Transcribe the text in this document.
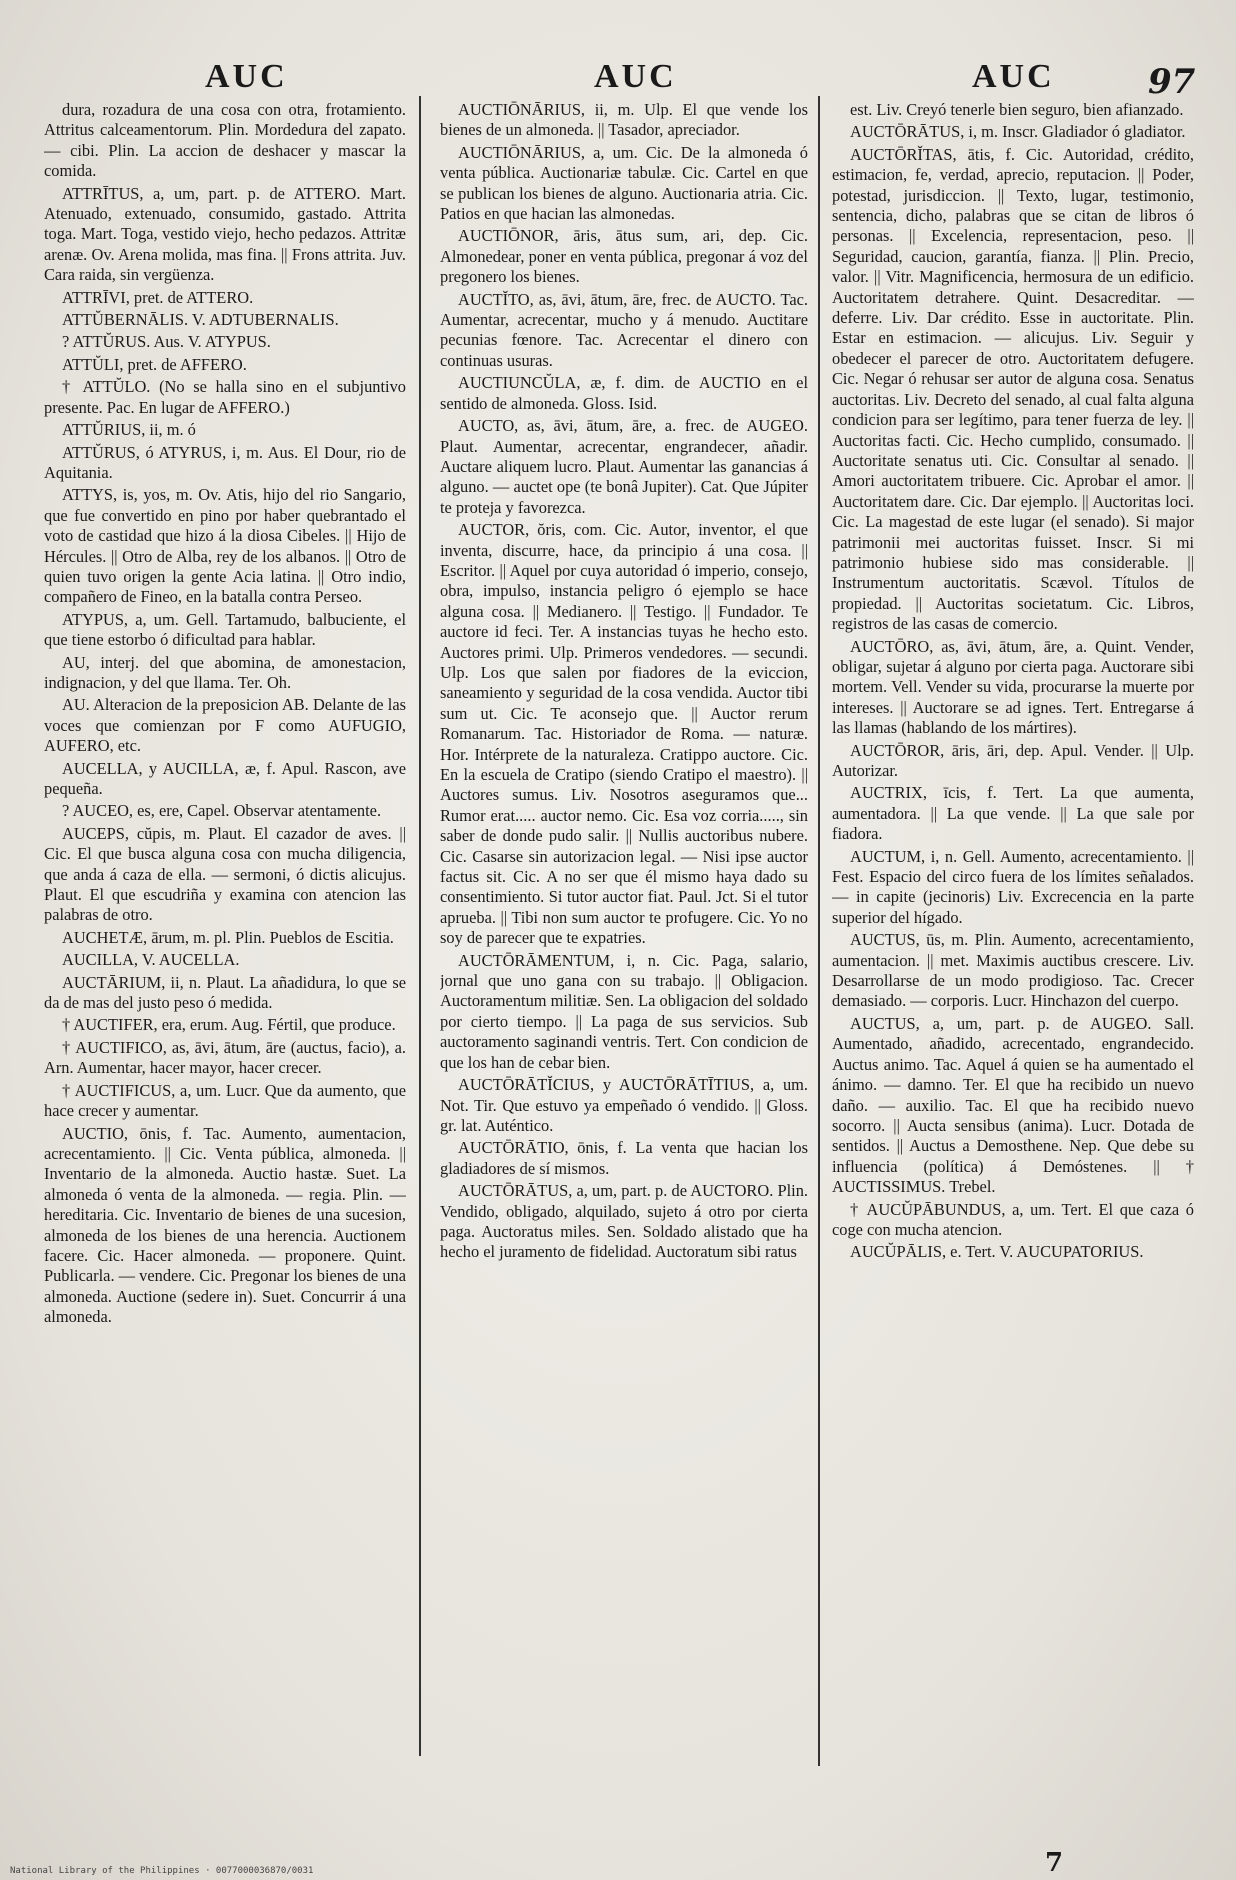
AUC	AUC	AUC	97

dura, rozadura de una cosa con otra, frotamiento. Attritus calceamentorum. Plin. Mordedura del zapato. — cibi. Plin. La accion de deshacer y mascar la comida.

ATTRĪTUS, a, um, part. p. de ATTERO. Mart. Atenuado, extenuado, consumido, gastado. Attrita toga. Mart. Toga, vestido viejo, hecho pedazos. Attritæ arenæ. Ov. Arena molida, mas fina. || Frons attrita. Juv. Cara raida, sin vergüenza.

ATTRĪVI, pret. de ATTERO.

ATTŬBERNĀLIS. V. ADTUBERNALIS.

? ATTŬRUS. Aus. V. ATYPUS.

ATTŬLI, pret. de AFFERO.

† ATTŬLO. (No se halla sino en el subjuntivo presente. Pac. En lugar de AFFERO.)

ATTŬRIUS, ii, m. ó

ATTŬRUS, ó ATYRUS, i, m. Aus. El Dour, rio de Aquitania.

ATTYS, is, yos, m. Ov. Atis, hijo del rio Sangario, que fue convertido en pino por haber quebrantado el voto de castidad que hizo á la diosa Cibeles. || Hijo de Hércules. || Otro de Alba, rey de los albanos. || Otro de quien tuvo origen la gente Acia latina. || Otro indio, compañero de Fineo, en la batalla contra Perseo.

ATYPUS, a, um. Gell. Tartamudo, balbuciente, el que tiene estorbo ó dificultad para hablar.

AU, interj. del que abomina, de amonestacion, indignacion, y del que llama. Ter. Oh.

AU. Alteracion de la preposicion AB. Delante de las voces que comienzan por F como AUFUGIO, AUFERO, etc.

AUCELLA, y AUCILLA, æ, f. Apul. Rascon, ave pequeña.

? AUCEO, es, ere, Capel. Observar atentamente.

AUCEPS, cŭpis, m. Plaut. El cazador de aves. || Cic. El que busca alguna cosa con mucha diligencia, que anda á caza de ella. — sermoni, ó dictis alicujus. Plaut. El que escudriña y examina con atencion las palabras de otro.

AUCHETÆ, ārum, m. pl. Plin. Pueblos de Escitia.

AUCILLA, V. AUCELLA.

AUCTĀRIUM, ii, n. Plaut. La añadidura, lo que se da de mas del justo peso ó medida.

† AUCTIFER, era, erum. Aug. Fértil, que produce.

† AUCTIFICO, as, āvi, ātum, āre (auctus, facio), a. Arn. Aumentar, hacer mayor, hacer crecer.

† AUCTIFICUS, a, um. Lucr. Que da aumento, que hace crecer y aumentar.

AUCTIO, ōnis, f. Tac. Aumento, aumentacion, acrecentamiento. || Cic. Venta pública, almoneda. || Inventario de la almoneda. Auctio hastæ. Suet. La almoneda ó venta de la almoneda. — regia. Plin. — hereditaria. Cic. Inventario de bienes de una sucesion, almoneda de los bienes de una herencia. Auctionem facere. Cic. Hacer almoneda. — proponere. Quint. Publicarla. — vendere. Cic. Pregonar los bienes de una almoneda. Auctione (sedere in). Suet. Concurrir á una almoneda.

AUCTIŌNĀRIUS, ii, m. Ulp. El que vende los bienes de un almoneda. || Tasador, apreciador.

AUCTIŌNĀRIUS, a, um. Cic. De la almoneda ó venta pública. Auctionariæ tabulæ. Cic. Cartel en que se publican los bienes de alguno. Auctionaria atria. Cic. Patios en que hacian las almonedas.

AUCTIŌNOR, āris, ātus sum, ari, dep. Cic. Almonedear, poner en venta pública, pregonar á voz del pregonero los bienes.

AUCTĬTO, as, āvi, ātum, āre, frec. de AUCTO. Tac. Aumentar, acrecentar, mucho y á menudo. Auctitare pecunias fœnore. Tac. Acrecentar el dinero con continuas usuras.

AUCTIUNCŬLA, æ, f. dim. de AUCTIO en el sentido de almoneda. Gloss. Isid.

AUCTO, as, āvi, ātum, āre, a. frec. de AUGEO. Plaut. Aumentar, acrecentar, engrandecer, añadir. Auctare aliquem lucro. Plaut. Aumentar las ganancias á alguno. — auctet ope (te bonâ Jupiter). Cat. Que Júpiter te proteja y favorezca.

AUCTOR, ŏris, com. Cic. Autor, inventor, el que inventa, discurre, hace, da principio á una cosa. || Escritor. || Aquel por cuya autoridad ó imperio, consejo, obra, impulso, instancia peligro ó ejemplo se hace alguna cosa. || Medianero. || Testigo. || Fundador. Te auctore id feci. Ter. A instancias tuyas he hecho esto. Auctores primi. Ulp. Primeros vendedores. — secundi. Ulp. Los que salen por fiadores de la eviccion, saneamiento y seguridad de la cosa vendida. Auctor tibi sum ut. Cic. Te aconsejo que. || Auctor rerum Romanarum. Tac. Historiador de Roma. — naturæ. Hor. Intérprete de la naturaleza. Cratippo auctore. Cic. En la escuela de Cratipo (siendo Cratipo el maestro). || Auctores sumus. Liv. Nosotros aseguramos que... Rumor erat..... auctor nemo. Cic. Esa voz corria....., sin saber de donde pudo salir. || Nullis auctoribus nubere. Cic. Casarse sin autorizacion legal. — Nisi ipse auctor factus sit. Cic. A no ser que él mismo haya dado su consentimiento. Si tutor auctor fiat. Paul. Jct. Si el tutor aprueba. || Tibi non sum auctor te profugere. Cic. Yo no soy de parecer que te expatries.

AUCTŌRĀMENTUM, i, n. Cic. Paga, salario, jornal que uno gana con su trabajo. || Obligacion. Auctoramentum militiæ. Sen. La obligacion del soldado por cierto tiempo. || La paga de sus servicios. Sub auctoramento saginandi ventris. Tert. Con condicion de que los han de cebar bien.

AUCTŌRĀTĬCIUS, y AUCTŌRĀTĪTIUS, a, um. Not. Tir. Que estuvo ya empeñado ó vendido. || Gloss. gr. lat. Auténtico.

AUCTŌRĀTIO, ōnis, f. La venta que hacian los gladiadores de sí mismos.

AUCTŌRĀTUS, a, um, part. p. de AUCTORO. Plin. Vendido, obligado, alquilado, sujeto á otro por cierta paga. Auctoratus miles. Sen. Soldado alistado que ha hecho el juramento de fidelidad. Auctoratum sibi ratus

est. Liv. Creyó tenerle bien seguro, bien afianzado.

AUCTŌRĀTUS, i, m. Inscr. Gladiador ó gladiator.

AUCTŌRĬTAS, ātis, f. Cic. Autoridad, crédito, estimacion, fe, verdad, aprecio, reputacion. || Poder, potestad, jurisdiccion. || Texto, lugar, testimonio, sentencia, dicho, palabras que se citan de libros ó personas. || Excelencia, representacion, peso. || Seguridad, caucion, garantía, fianza. || Plin. Precio, valor. || Vitr. Magnificencia, hermosura de un edificio. Auctoritatem detrahere. Quint. Desacreditar. — deferre. Liv. Dar crédito. Esse in auctoritate. Plin. Estar en estimacion. — alicujus. Liv. Seguir y obedecer el parecer de otro. Auctoritatem defugere. Cic. Negar ó rehusar ser autor de alguna cosa. Senatus auctoritas. Liv. Decreto del senado, al cual falta alguna condicion para ser legítimo, para tener fuerza de ley. || Auctoritas facti. Cic. Hecho cumplido, consumado. || Auctoritate senatus uti. Cic. Consultar al senado. || Amori auctoritatem tribuere. Cic. Aprobar el amor. || Auctoritatem dare. Cic. Dar ejemplo. || Auctoritas loci. Cic. La magestad de este lugar (el senado). Si major patrimonii mei auctoritas fuisset. Inscr. Si mi patrimonio hubiese sido mas considerable. || Instrumentum auctoritatis. Scævol. Títulos de propiedad. || Auctoritas societatum. Cic. Libros, registros de las casas de comercio.

AUCTŌRO, as, āvi, ātum, āre, a. Quint. Vender, obligar, sujetar á alguno por cierta paga. Auctorare sibi mortem. Vell. Vender su vida, procurarse la muerte por intereses. || Auctorare se ad ignes. Tert. Entregarse á las llamas (hablando de los mártires).

AUCTŌROR, āris, āri, dep. Apul. Vender. || Ulp. Autorizar.

AUCTRIX, īcis, f. Tert. La que aumenta, aumentadora. || La que vende. || La que sale por fiadora.

AUCTUM, i, n. Gell. Aumento, acrecentamiento. || Fest. Espacio del circo fuera de los límites señalados. — in capite (jecinoris) Liv. Excrecencia en la parte superior del hígado.

AUCTUS, ūs, m. Plin. Aumento, acrecentamiento, aumentacion. || met. Maximis auctibus crescere. Liv. Desarrollarse de un modo prodigioso. Tac. Crecer demasiado. — corporis. Lucr. Hinchazon del cuerpo.

AUCTUS, a, um, part. p. de AUGEO. Sall. Aumentado, añadido, acrecentado, engrandecido. Auctus animo. Tac. Aquel á quien se ha aumentado el ánimo. — damno. Ter. El que ha recibido un nuevo daño. — auxilio. Tac. El que ha recibido nuevo socorro. || Aucta sensibus (anima). Lucr. Dotada de sentidos. || Auctus a Demosthene. Nep. Que debe su influencia (política) á Demóstenes. || † AUCTISSIMUS. Trebel.

† AUCŬPĀBUNDUS, a, um. Tert. El que caza ó coge con mucha atencion.

AUCŬPĀLIS, e. Tert. V. AUCUPATORIUS.

7
National Library of the Philippines · 0077000036870/0031
